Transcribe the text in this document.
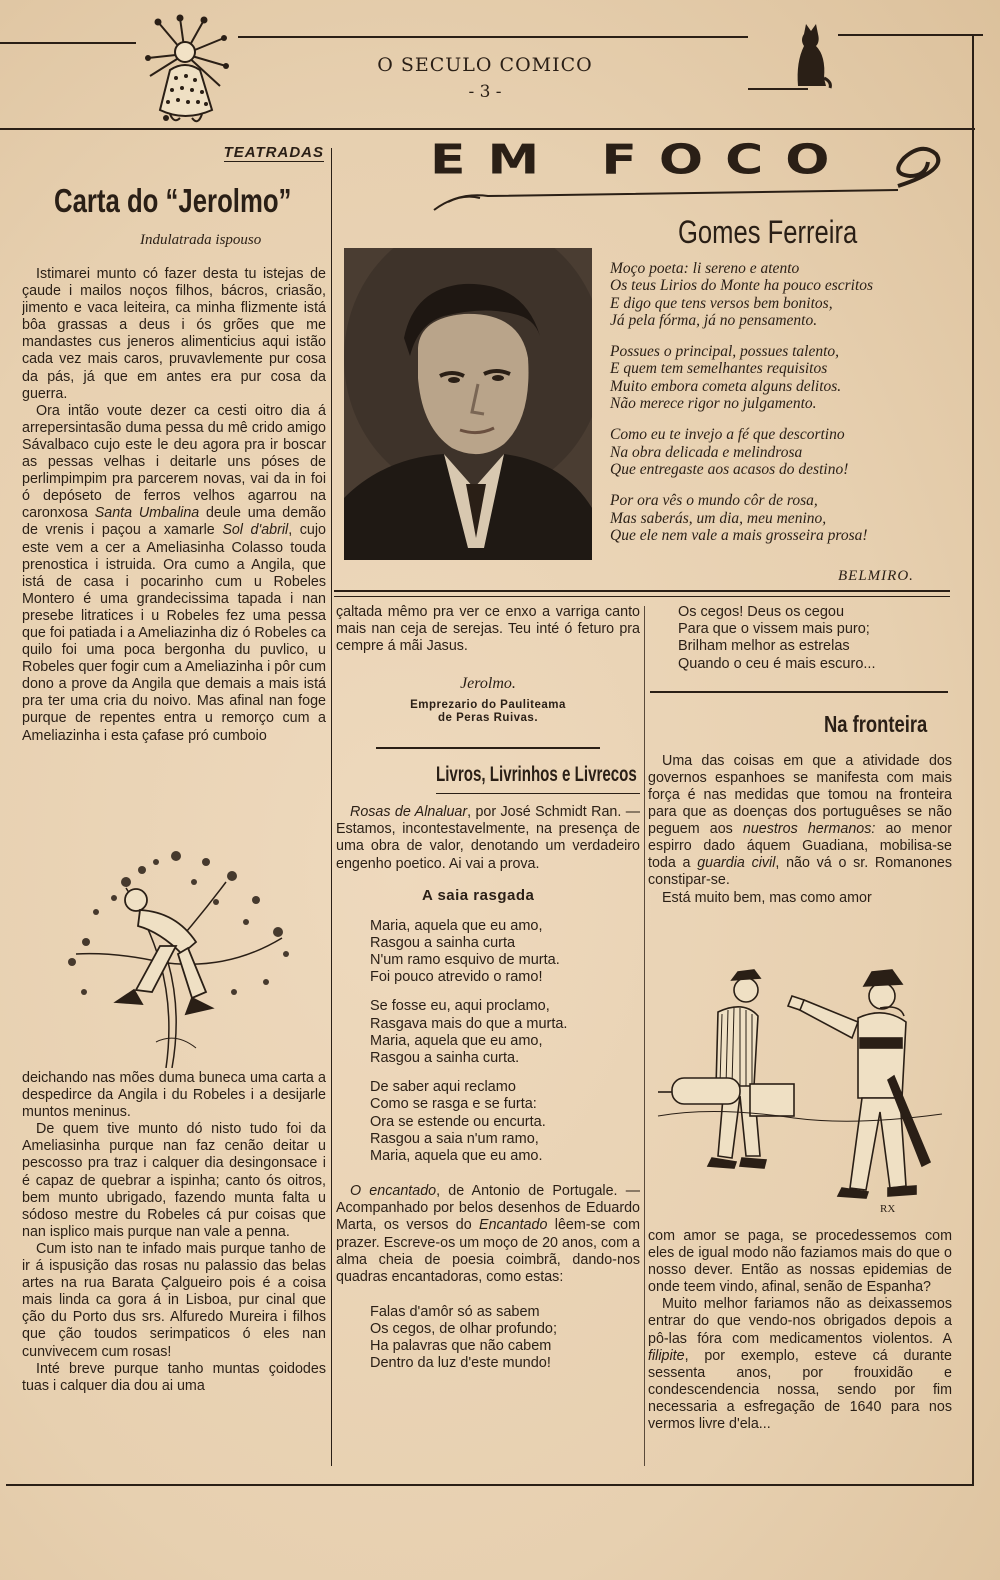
O SECULO COMICO
- 3 -
TEATRADAS
Carta do “Jerolmo”
Indulatrada ispouso

Istimarei munto có fazer desta tu istejas de çaude i mailos noços filhos, bácros, criasão, jimento e vaca leiteira, ca minha flizmente istá bôa grassas a deus i ós grões que me mandastes cus jeneros alimenticius aqui istão cada vez mais caros, pruvavlemente pur cosa da pás, já que em antes era pur cosa da guerra.

Ora intão voute dezer ca cesti oitro dia á arrepersintasão duma pessa du mê crido amigo Sávalbaco cujo este le deu agora pra ir boscar as pessas velhas i deitarle uns póses de perlimpimpim pra parcerem novas, vai da in foi ó depóseto de ferros velhos agarrou na caronxosa Santa Umbalina deule uma demão de vrenis i paçou a xamarle Sol d'abril, cujo este vem a cer a Ameliasinha Colasso touda prenostica i istruida. Ora cumo a Angila, que istá de casa i pocarinho cum u Robeles Montero é uma grandecissima tapada i nan presebe litratices i u Robeles fez uma pessa que foi patiada i a Ameliazinha diz ó Robeles ca quilo foi uma poca bergonha du puvlico, u Robeles quer fogir cum a Ameliazinha i pôr cum dono a prove da Angila que demais a mais istá pra ter uma cria du noivo. Mas afinal nan foge purque de repentes entra u remorço cum a Ameliazinha i esta çafase pró cumboio

deichando nas mões duma buneca uma carta a despedirce da Angila i du Robeles i a desijarle muntos meninus.

De quem tive munto dó nisto tudo foi da Ameliasinha purque nan faz cenão deitar u pescosso pra traz i calquer dia desingonsace i é capaz de quebrar a ispinha; canto ós oitros, bem munto ubrigado, fazendo munta falta u sódoso mestre du Robeles cá pur coisas que nan isplico mais purque nan vale a penna.

Cum isto nan te infado mais purque tanho de ir á ispusição das rosas nu palassio das belas artes na rua Barata Çalgueiro pois é a coisa mais linda ca gora á in Lisboa, pur cinal que ção du Porto dus srs. Alfuredo Mureira i filhos que ção toudos serimpaticos ó eles nan cunvivecem cum rosas!

Inté breve purque tanho muntas çoidodes tuas i calquer dia dou ai uma

EM FOCO
Gomes Ferreira
Moço poeta: li sereno e atento
Os teus Lirios do Monte ha pouco escritos
E digo que tens versos bem bonitos,
Já pela fórma, já no pensamento.
Possues o principal, possues talento,
E quem tem semelhantes requisitos
Muito embora cometa alguns delitos.
Não merece rigor no julgamento.
Como eu te invejo a fé que descortino
Na obra delicada e melindrosa
Que entregaste aos acasos do destino!
Por ora vês o mundo côr de rosa,
Mas saberás, um dia, meu menino,
Que ele nem vale a mais grosseira prosa!
BELMIRO.
çaltada mêmo pra ver ce enxo a varriga canto mais nan ceja de serejas. Teu inté ó feturo pra cempre á mãi Jasus.
Jerolmo.
Emprezario do Pauliteama
de Peras Ruivas.
Livros, Livrinhos e Livrecos

Rosas de Alnaluar, por José Schmidt Ran. — Estamos, incontestavelmente, na presença de uma obra de valor, denotando um verdadeiro engenho poetico. Ai vai a prova.

A saia rasgada
Maria, aquela que eu amo,
Rasgou a sainha curta
N'um ramo esquivo de murta.
Foi pouco atrevido o ramo!
Se fosse eu, aqui proclamo,
Rasgava mais do que a murta.
Maria, aquela que eu amo,
Rasgou a sainha curta.
De saber aqui reclamo
Como se rasga e se furta:
Ora se estende ou encurta.
Rasgou a saia n'um ramo,
Maria, aquela que eu amo.

O encantado, de Antonio de Portugale. — Acompanhado por belos desenhos de Eduardo Marta, os versos do Encantado lêem-se com prazer. Escreve-os um moço de 20 anos, com a alma cheia de poesia coimbrã, dando-nos quadras encantadoras, como estas:

Falas d'amôr só as sabem
Os cegos, de olhar profundo;
Ha palavras que não cabem
Dentro da luz d'este mundo!
Os cegos! Deus os cegou
Para que o vissem mais puro;
Brilham melhor as estrelas
Quando o ceu é mais escuro...
Na fronteira

Uma das coisas em que a atividade dos governos espanhoes se manifesta com mais força é nas medidas que tomou na fronteira para que as doenças dos portuguêses se não peguem aos nuestros hermanos: ao menor espirro dado áquem Guadiana, mobilisa-se toda a guardia civil, não vá o sr. Romanones constipar-se.

Está muito bem, mas como amor

RX

com amor se paga, se procedessemos com eles de igual modo não faziamos mais do que o nosso dever. Então as nossas epidemias de onde teem vindo, afinal, senão de Espanha?

Muito melhor fariamos não as deixassemos entrar do que vendo-nos obrigados depois a pô-las fóra com medicamentos violentos. A filipite, por exemplo, esteve cá durante sessenta anos, por frouxidão e condescendencia nossa, sendo por fim necessaria a esfregação de 1640 para nos vermos livre d'ela...
